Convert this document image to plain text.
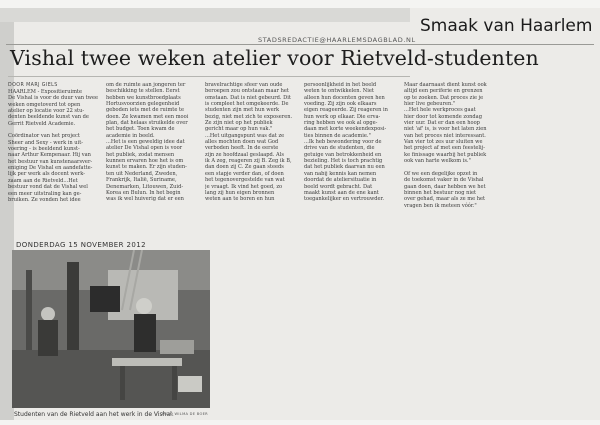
Smaak van Haarlem
STADSREDACTIE@HAARLEMSDAGBLAD.NL
Vishal twee weken atelier voor Rietveld-studenten
DOOR MARJ GIELS
HAARLEM - Expositieruimte
De Vishal is voor de duur van twee
weken omgetoverd tot open
atelier op locatie voor 22 stu-
denten beeldende kunst van de
Gerrit Rietveld Academie.

Coördinator van het project
Sheer and Sexy - werk in uit-
voering - is beeldend kunst-
naar Arthur Kempenaar. Hij van
het bestuur van kunstenaarsver-
eniging De Vishal en aandefatte-
lijk per werk als docent werk-
zaam aan de Rietveld...Het
bestuur vond dat de Vishal wel
een meer uitstraling kan ge-
bruiken. Ze vonden het idee
om de ruimte aan jongeren ter
beschikking te stellen. Eerst
hebben we kunstbroedplaats
Hortusvoorzien gelegenheid
geboden iets met de ruimte te
doen. Ze kwamen met een mooi
plan, dat helaas struikelde over
het budget. Toen kwam de
academie in beeld.
...Het is een geweldig idee dat
atelier De Vishal open is voor
het publiek, zodat mensen
kunnen ervaren hoe het is om
kunst te maken. Er zijn studen-
ten uit Nederland, Zweden,
Frankrijk, Italië, Suriname,
Denemarken, Litouwen, Zuid-
Korea en Bulun. In het begin
was ik wel huiverig dat er een
bravelrachtige sfeer van oude
beroepen zou ontstaan maar het
omstaan. Dat is niet gebeurd. Dit
is compleet het omgekeerde. De
studenten zijn met hun werk
bezig, niet met zich te exposeren.
Ze zijn niet op het publiek
gericht maar op hun vak."
...Het uitgangspunt was dat ze
alles mochten doen wat God
verboden heeft. In de eerste
zijn ze hoofdzaal geslaapd. Als
ik A zeg, reageren zij B. Zeg ik B,
dan doen zij C. Ze gaan steeds
een stapje verder dan, of doen
het tegenovergestelde van wat
je vraagt. Ik vind het goed, zo
lang zij hun eigen bronnen
weten aan te boren en hun
persoonlijkheid in het beeld
weten te ontwikkelen. Niet
alleen hun docenten geven hen
voeding. Zij zijn ook elkaars
eigen reageerde. Zij reageren in
hun werk op elkaar. Die erva-
ring hebben we ook al opge-
daan met korte weekendexposi-
ties binnen de academie."
...Ik heb bewondering voor de
drive van de studenten, die
getuige van betrokkenheid en
bezieling. Het is toch prachtig
dat het publiek daarvan nu een
van nabij kennis kan nemen
doordat de ateliersituatie in
beeld wordt gebracht. Dat
maakt kunst aan de ene kant
toegankelijker en vertrouwder.
Maar daarnaast dient kunst ook
altijd een periferie en grenzen
op te zoeken. Dat proces zie je
hier live gebeuren."
...Het hele werkproces gaat
hier door tot komende zondag
vier uur. Dat er dan een hoop
niet 'af' is, is voor het laten zien
van het proces niet interessant.
Van vier tot zes uur sluiten we
het project af met een feestelij-
ke finissage waarbij het publiek
ook van harte welkom is."

Of we een degelijke opzet in
de toekomst vaker in de Vishal
gaan doen, daar hebben we het
binnen het bestuur nog niet
over gehad, maar als ze me het
vragen ben ik meteen vóór."
DONDERDAG 15 NOVEMBER 2012
Studenten van de Rietveld aan het werk in de Vishal.
FOTO WILMA DE BOER
